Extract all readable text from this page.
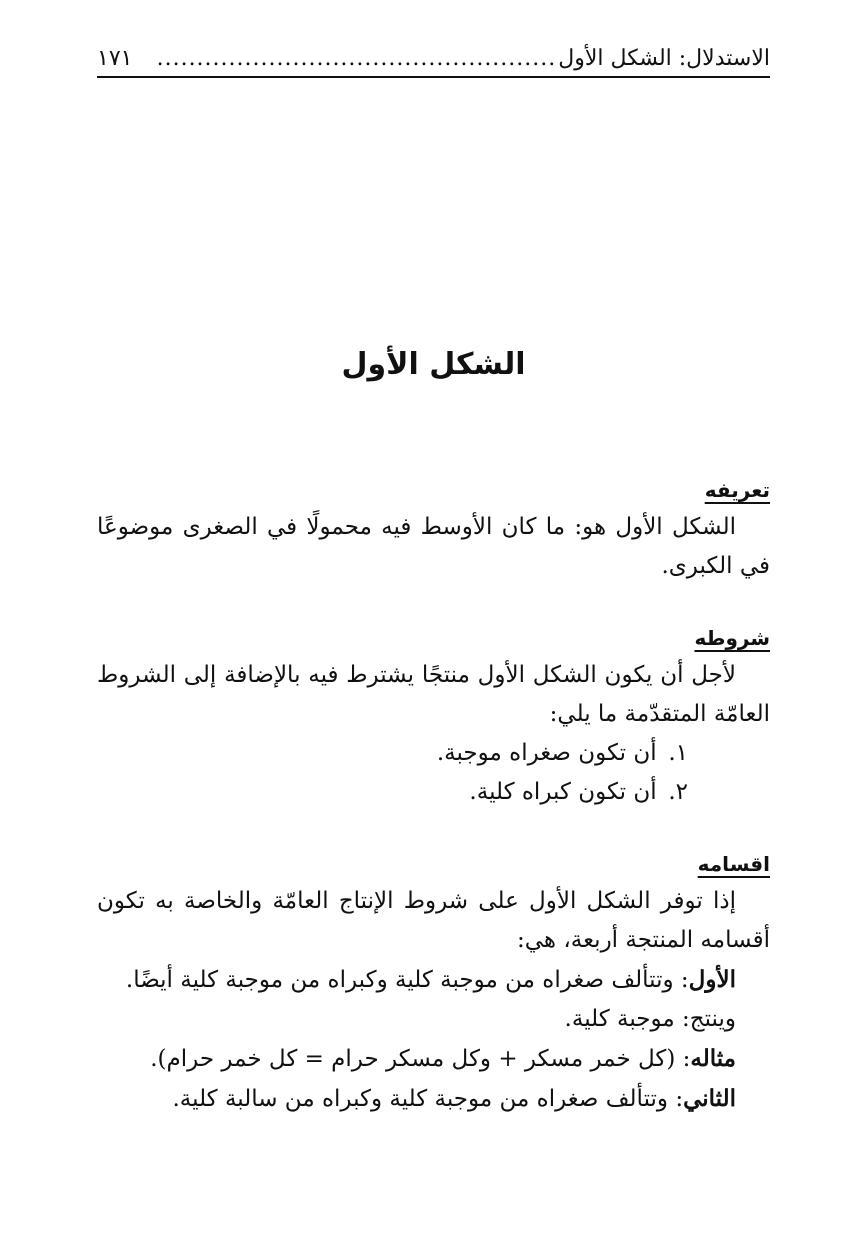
الاستدلال: الشكل الأول
..................................................
١٧١
الشكل الأول
تعريفه

الشكل الأول هو: ما كان الأوسط فيه محمولًا في الصغرى موضوعًا في الكبرى.

شروطه

لأجل أن يكون الشكل الأول منتجًا يشترط فيه بالإضافة إلى الشروط العامّة المتقدّمة ما يلي:

١. أن تكون صغراه موجبة.
٢. أن تكون كبراه كلية.
اقسامه

إذا توفر الشكل الأول على شروط الإنتاج العامّة والخاصة به تكون أقسامه المنتجة أربعة، هي:

الأول: وتتألف صغراه من موجبة كلية وكبراه من موجبة كلية أيضًا.

وينتج: موجبة كلية.

مثاله: (كل خمر مسكر + وكل مسكر حرام = كل خمر حرام).

الثاني: وتتألف صغراه من موجبة كلية وكبراه من سالبة كلية.
